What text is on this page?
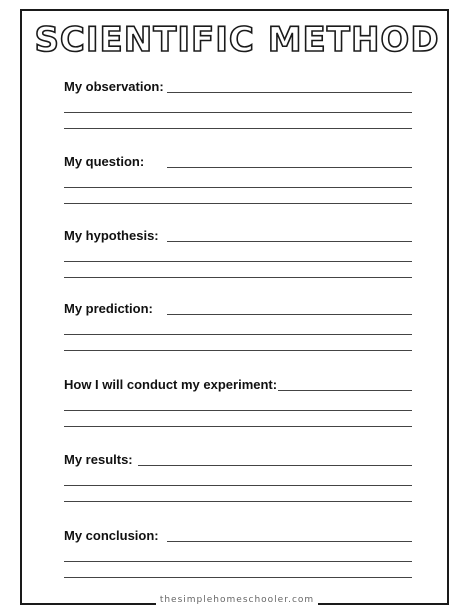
SCIENTIFIC METHOD
My observation:
My question:
My hypothesis:
My prediction:
How I will conduct my experiment:
My results:
My conclusion:
thesimplehomeschooler.com
